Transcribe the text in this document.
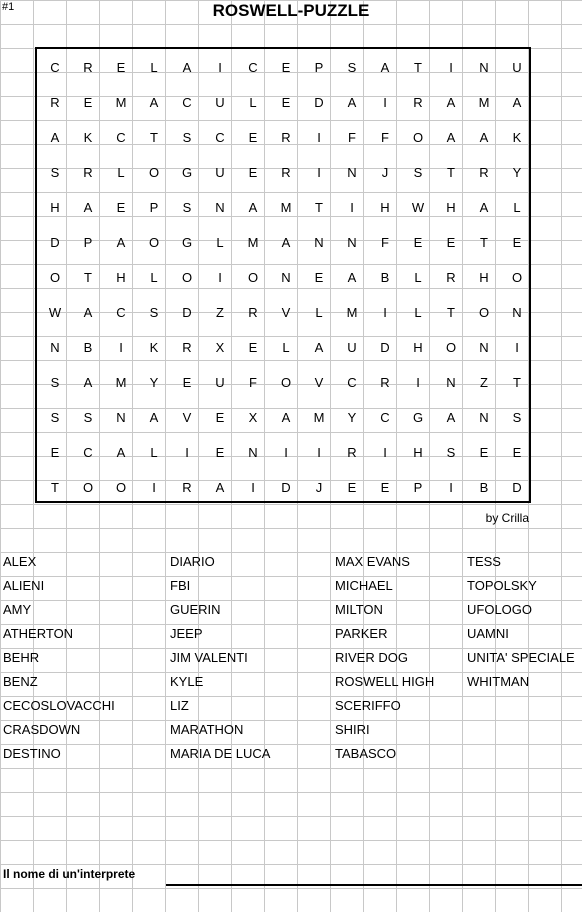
#1	ROSWELL-PUZZLE
C	R	E	L	A	I	C	E	P	S	A	T	I	N	U
R	E	M	A	C	U	L	E	D	A	I	R	A	M	A
A	K	C	T	S	C	E	R	I	F	F	O	A	A	K
S	R	L	O	G	U	E	R	I	N	J	S	T	R	Y
H	A	E	P	S	N	A	M	T	I	H	W	H	A	L
D	P	A	O	G	L	M	A	N	N	F	E	E	T	E
O	T	H	L	O	I	O	N	E	A	B	L	R	H	O
W	A	C	S	D	Z	R	V	L	M	I	L	T	O	N
N	B	I	K	R	X	E	L	A	U	D	H	O	N	I
S	A	M	Y	E	U	F	O	V	C	R	I	N	Z	T
S	S	N	A	V	E	X	A	M	Y	C	G	A	N	S
E	C	A	L	I	E	N	I	I	R	I	H	S	E	E
T	O	O	I	R	A	I	D	J	E	E	P	I	B	D
by Crilla
ALEX
ALIENI
AMY
ATHERTON
BEHR
BENZ
CECOSLOVACCHI
CRASDOWN
DESTINO
DIARIO
FBI
GUERIN
JEEP
JIM VALENTI
KYLE
LIZ
MARATHON
MARIA DE LUCA
MAX EVANS
MICHAEL
MILTON
PARKER
RIVER DOG
ROSWELL HIGH
SCERIFFO
SHIRI
TABASCO
TESS
TOPOLSKY
UFOLOGO
UAMNI
UNITA' SPECIALE
WHITMAN
Il nome di un'interprete
